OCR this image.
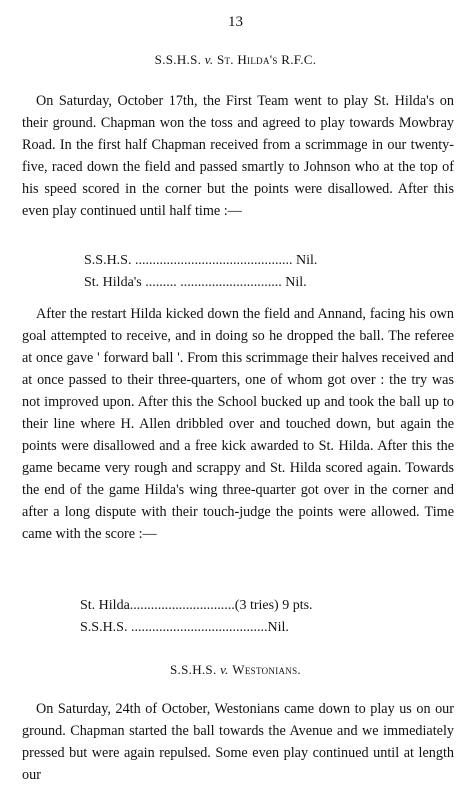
13
S.S.H.S. v. St. Hilda's R.F.C.

On Saturday, October 17th, the First Team went to play St. Hilda's on their ground. Chapman won the toss and agreed to play towards Mowbray Road. In the first half Chapman received from a scrimmage in our twenty-five, raced down the field and passed smartly to Johnson who at the top of his speed scored in the corner but the points were disallowed. After this even play continued until half time :—

S.S.H.S. ............................................. Nil.
St. Hilda's ......... ............................. Nil.

After the restart Hilda kicked down the field and Annand, facing his own goal attempted to receive, and in doing so he dropped the ball. The referee at once gave ' forward ball '. From this scrimmage their halves received and at once passed to their three-quarters, one of whom got over : the try was not improved upon. After this the School bucked up and took the ball up to their line where H. Allen dribbled over and touched down, but again the points were disallowed and a free kick awarded to St. Hilda. After this the game became very rough and scrappy and St. Hilda scored again. Towards the end of the game Hilda's wing three-quarter got over in the corner and after a long dispute with their touch-judge the points were allowed. Time came with the score :—

St. Hilda..............................(3 tries) 9 pts.
S.S.H.S. .......................................Nil.
S.S.H.S. v. Westonians.

On Saturday, 24th of October, Westonians came down to play us on our ground. Chapman started the ball towards the Avenue and we immediately pressed but were again repulsed. Some even play continued until at length our
